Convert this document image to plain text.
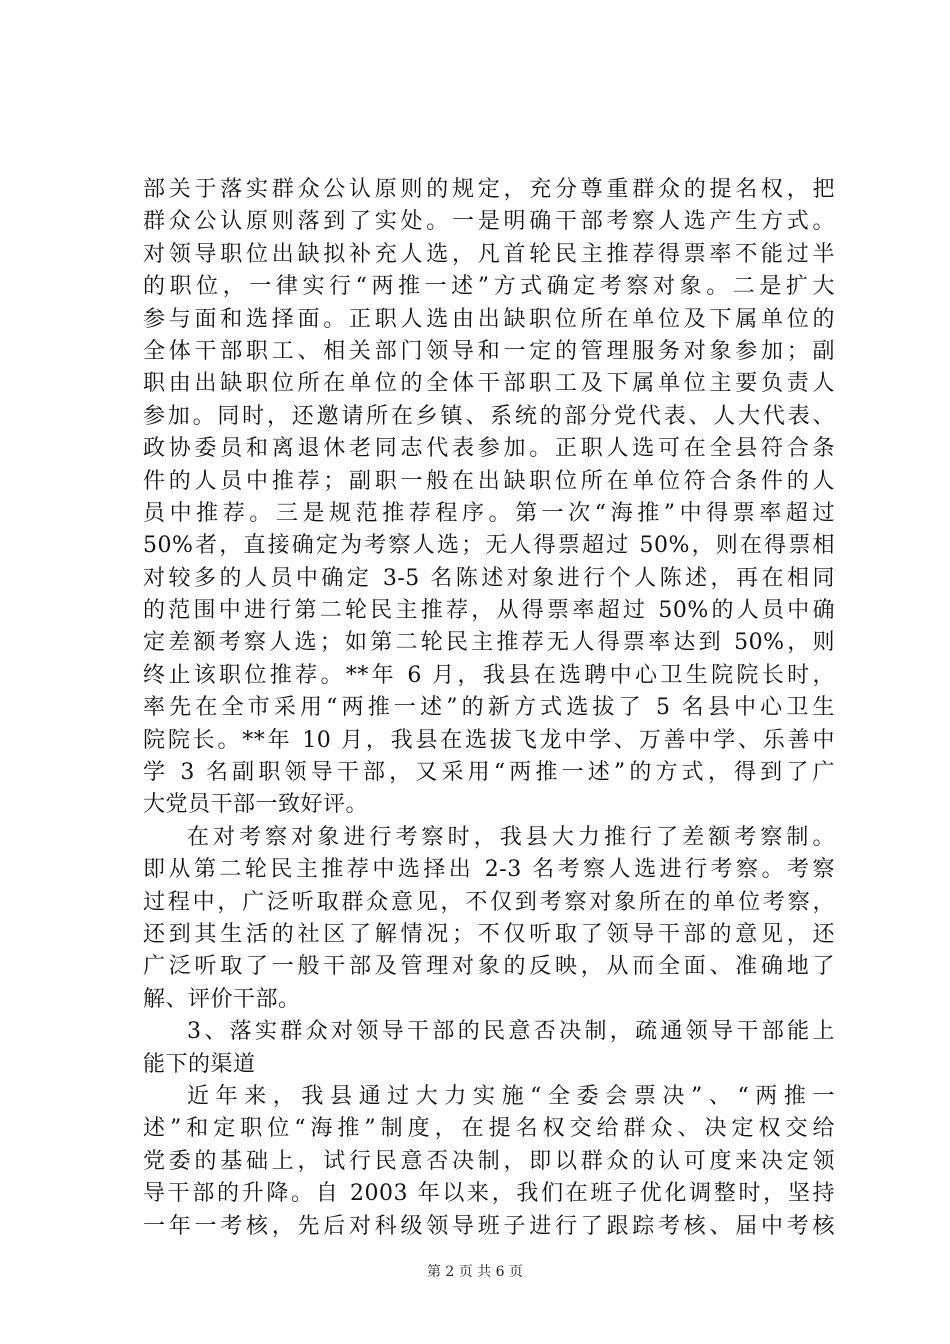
部关于落实群众公认原则的规定，充分尊重群众的提名权，把
群众公认原则落到了实处。一是明确干部考察人选产生方式。
对领导职位出缺拟补充人选，凡首轮民主推荐得票率不能过半
的职位，一律实行“两推一述”方式确定考察对象。二是扩大
参与面和选择面。正职人选由出缺职位所在单位及下属单位的
全体干部职工、相关部门领导和一定的管理服务对象参加；副
职由出缺职位所在单位的全体干部职工及下属单位主要负责人
参加。同时，还邀请所在乡镇、系统的部分党代表、人大代表、
政协委员和离退休老同志代表参加。正职人选可在全县符合条
件的人员中推荐；副职一般在出缺职位所在单位符合条件的人
员中推荐。三是规范推荐程序。第一次“海推”中得票率超过
50%者，直接确定为考察人选；无人得票超过 50%，则在得票相
对较多的人员中确定 3-5 名陈述对象进行个人陈述，再在相同
的范围中进行第二轮民主推荐，从得票率超过 50%的人员中确
定差额考察人选；如第二轮民主推荐无人得票率达到 50%，则
终止该职位推荐。**年 6 月，我县在选聘中心卫生院院长时，
率先在全市采用“两推一述”的新方式选拔了 5 名县中心卫生
院院长。**年 10 月，我县在选拔飞龙中学、万善中学、乐善中
学 3 名副职领导干部，又采用“两推一述”的方式，得到了广
大党员干部一致好评。
在对考察对象进行考察时，我县大力推行了差额考察制。
即从第二轮民主推荐中选择出 2-3 名考察人选进行考察。考察
过程中，广泛听取群众意见，不仅到考察对象所在的单位考察，
还到其生活的社区了解情况；不仅听取了领导干部的意见，还
广泛听取了一般干部及管理对象的反映，从而全面、准确地了
解、评价干部。
3、落实群众对领导干部的民意否决制，疏通领导干部能上
能下的渠道
近年来，我县通过大力实施“全委会票决”、“两推一
述”和定职位“海推”制度，在提名权交给群众、决定权交给
党委的基础上，试行民意否决制，即以群众的认可度来决定领
导干部的升降。自 2003 年以来，我们在班子优化调整时，坚持
一年一考核，先后对科级领导班子进行了跟踪考核、届中考核
第 2 页 共 6 页
